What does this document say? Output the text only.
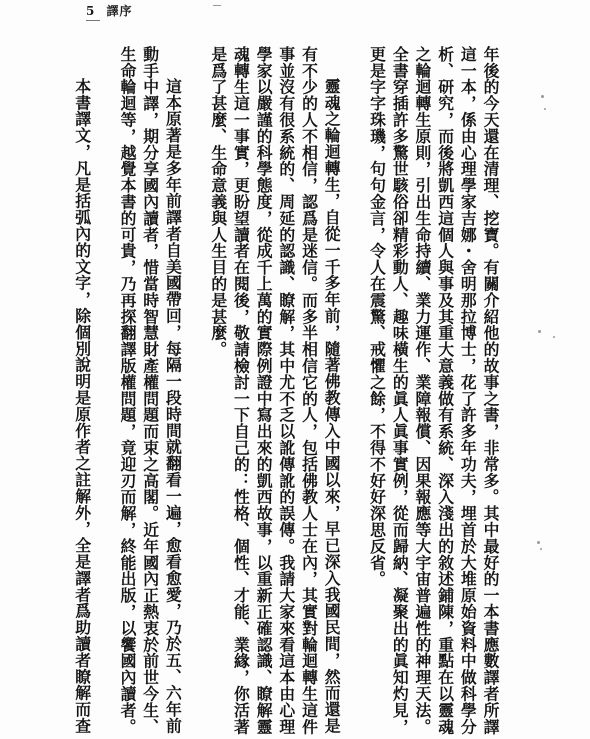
5 譯序
年後的今天還在清理、挖寶。有關介紹他的故事之書，非常多。其中最好的一本書應數譯者所譯
這一本，係由心理學家吉娜・舍明那拉博士，花了許多年功夫，埋首於大堆原始資料中做科學分
析、研究，而後將凱西這個人與事及其重大意義做有系統、深入淺出的敘述鋪陳，重點在以靈魂
之輪迴轉生原則，引出生命持續、業力運作、業障報償、因果報應等大宇宙普遍性的神理天法。
全書穿插許多驚世駭俗卻精彩動人、趣味橫生的眞人眞事實例，從而歸納、凝聚出的眞知灼見，
更是字字珠璣，句句金言，令人在震驚、戒懼之餘，不得不好好深思反省。
靈魂之輪迴轉生，自從一千多年前，隨著佛教傳入中國以來，早已深入我國民間，然而還是
有不少的人不相信，認爲是迷信。而多半相信它的人，包括佛教人士在內，其實對輪迴轉生這件
事並沒有很系統的、周延的認識、瞭解，其中尤不乏以訛傳訛的誤傳。我請大家來看這本由心理
學家以嚴謹的科學態度，從成千上萬的實際例證中寫出來的凱西故事，以重新正確認識、瞭解靈
魂轉生這一事實，更盼望讀者在閱後，敬請檢討一下自己的：性格、個性、才能、業緣，你活著
是爲了甚麼、生命意義與人生目的是甚麼。
這本原著是多年前譯者自美國帶回，每隔一段時間就翻看一遍，愈看愈愛，乃於五、六年前
動手中譯，期分享國內讀者，惜當時智慧財產權問題而束之高閣。近年國內正熱衷於前世今生、
生命輪迴等，越覺本書的可貴，乃再探翻譯版權問題，竟迎刃而解，終能出版，以饗國內讀者。
本書譯文，凡是括弧內的文字，除個別說明是原作者之註解外，全是譯者爲助讀者瞭解而查
